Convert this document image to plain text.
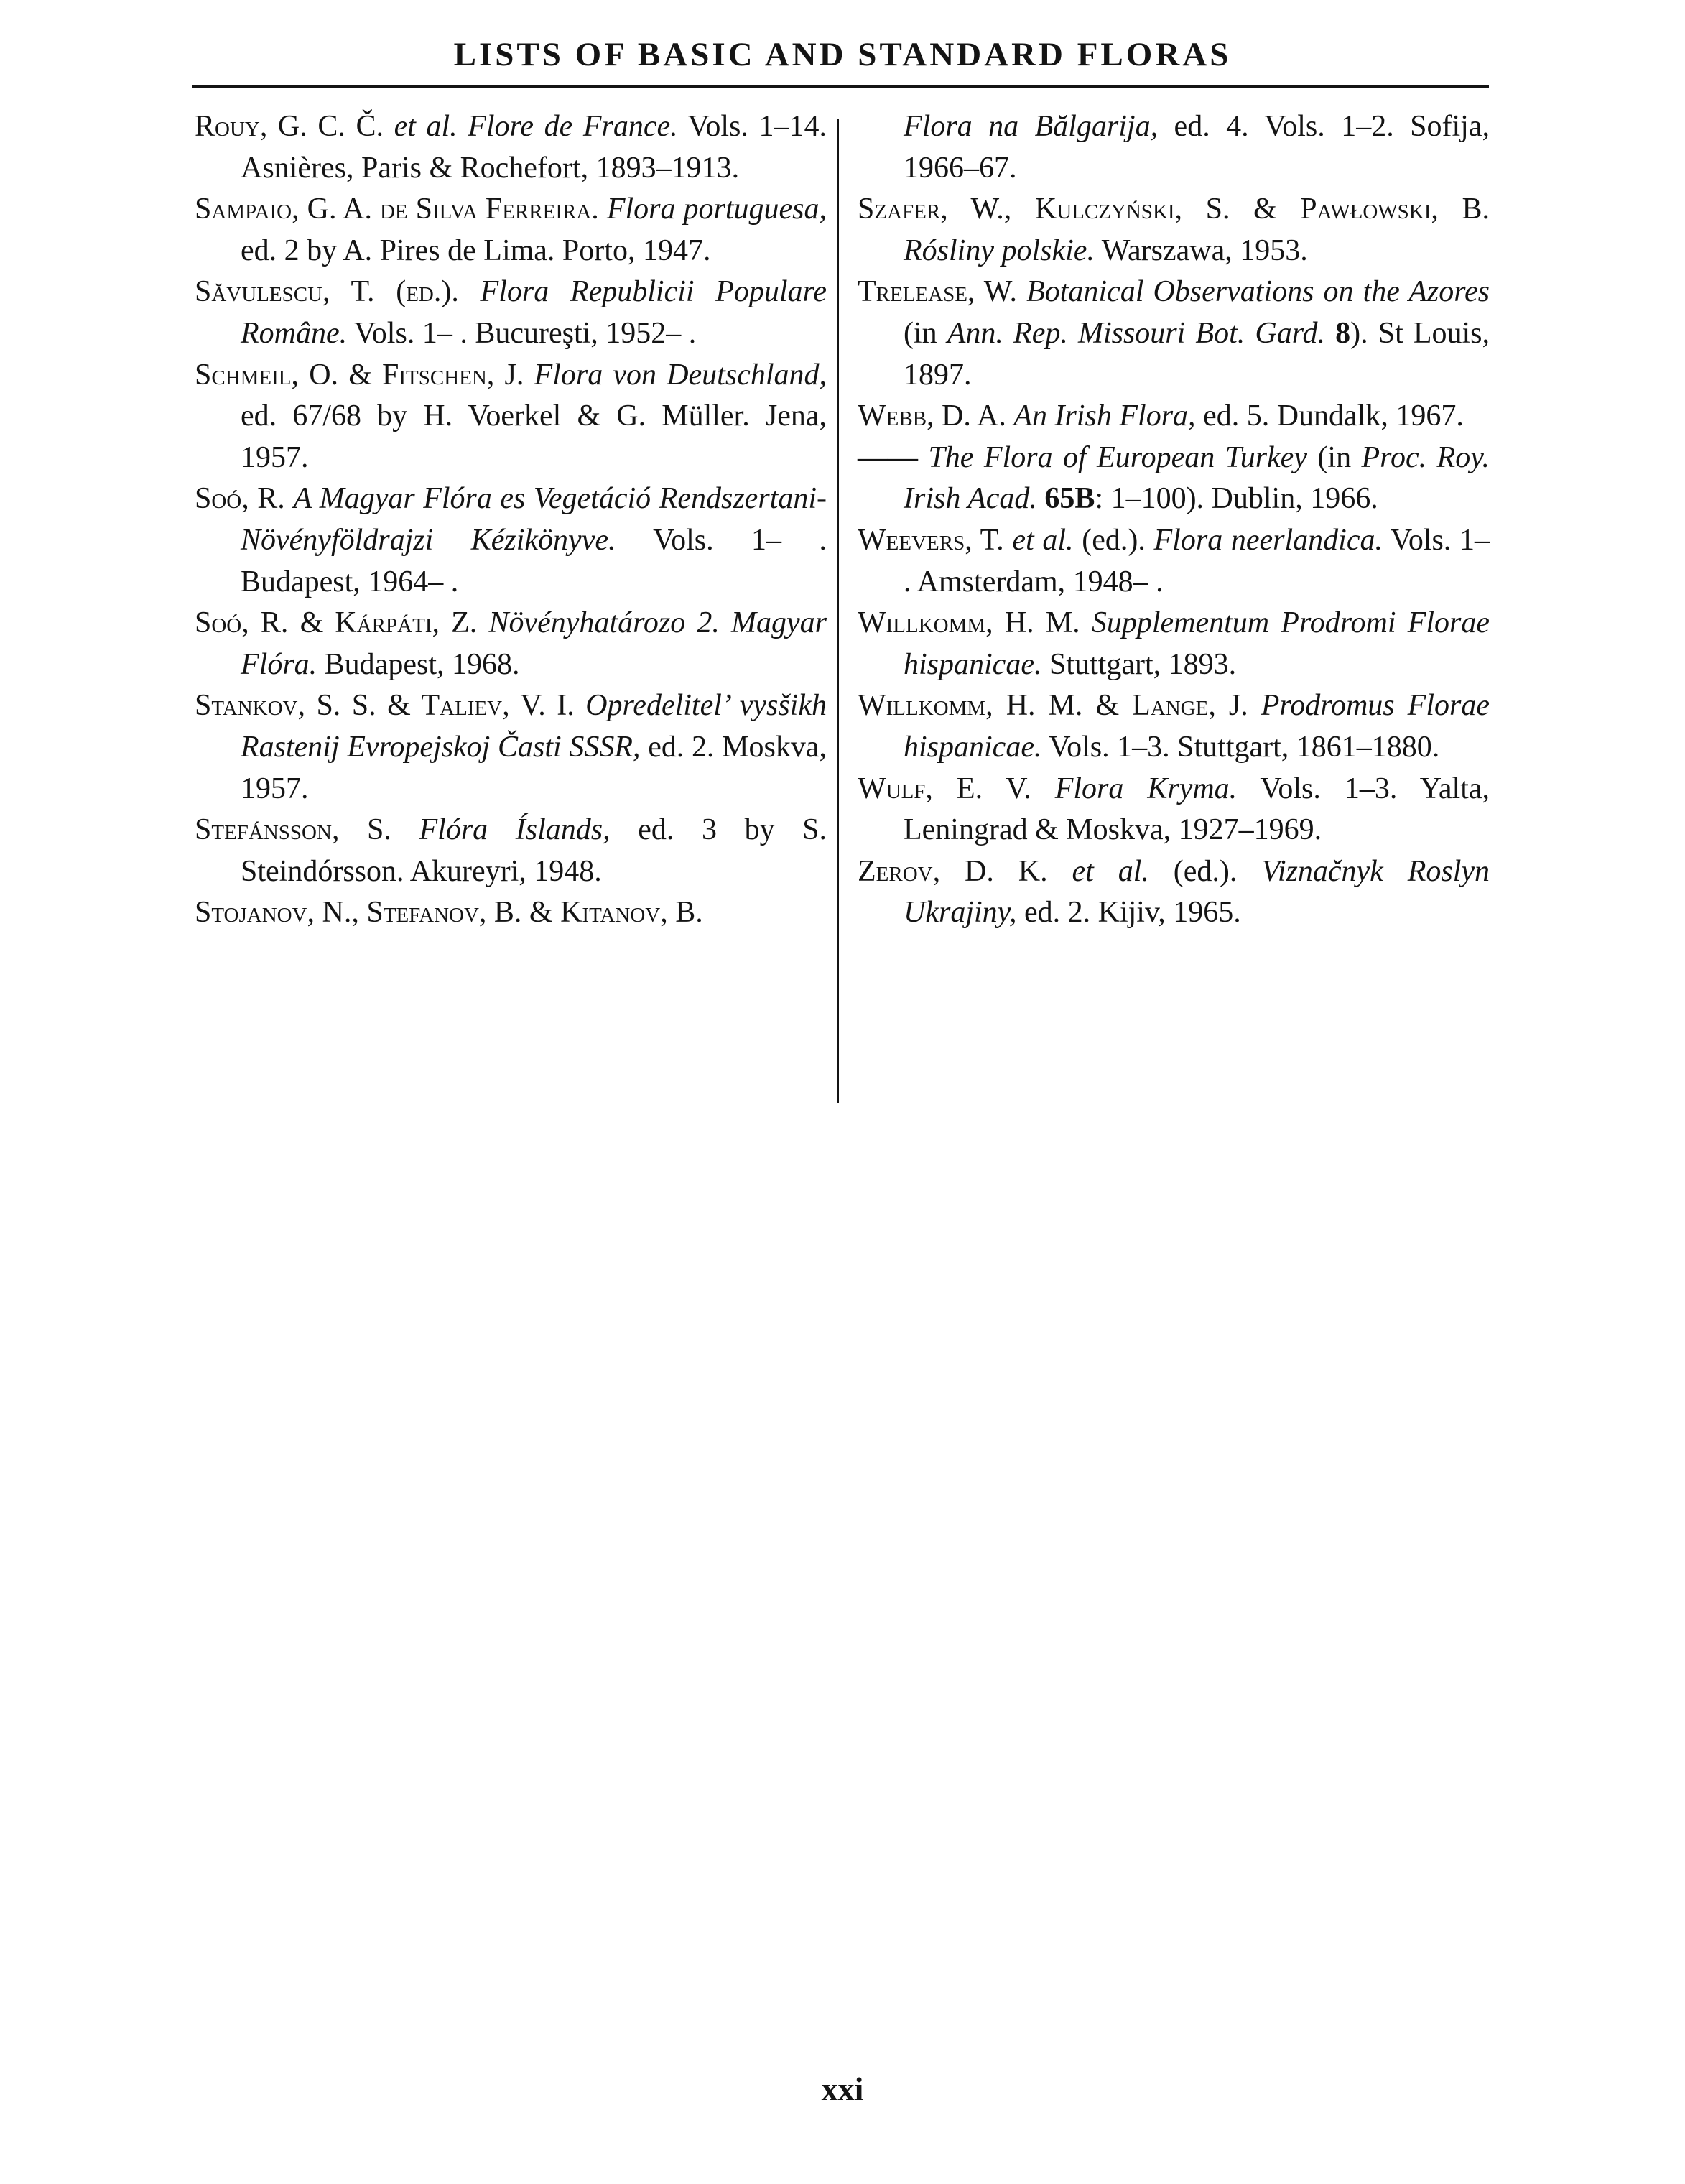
LISTS OF BASIC AND STANDARD FLORAS

Rouy, G. C. Č. et al. Flore de France. Vols. 1–14. Asnières, Paris & Rochefort, 1893–1913.

Sampaio, G. A. de Silva Ferreira. Flora portuguesa, ed. 2 by A. Pires de Lima. Porto, 1947.

Săvulescu, T. (ed.). Flora Republicii Populare Române. Vols. 1– . Bucureşti, 1952– .

Schmeil, O. & Fitschen, J. Flora von Deutschland, ed. 67/68 by H. Voerkel & G. Müller. Jena, 1957.

Soó, R. A Magyar Flóra es Vegetáció Rendszertani-Növényföldrajzi Kézikönyve. Vols. 1– . Budapest, 1964– .

Soó, R. & Kárpáti, Z. Növényhatározo 2. Magyar Flóra. Budapest, 1968.

Stankov, S. S. & Taliev, V. I. Opredelitel’ vysšikh Rastenij Evropejskoj Časti SSSR, ed. 2. Moskva, 1957.

Stefánsson, S. Flóra Íslands, ed. 3 by S. Steindórsson. Akureyri, 1948.

Stojanov, N., Stefanov, B. & Kitanov, B.

Flora na Bălgarija, ed. 4. Vols. 1–2. Sofija, 1966–67.

Szafer, W., Kulczyński, S. & Pawłowski, B. Rósliny polskie. Warszawa, 1953.

Trelease, W. Botanical Observations on the Azores (in Ann. Rep. Missouri Bot. Gard. 8). St Louis, 1897.

Webb, D. A. An Irish Flora, ed. 5. Dundalk, 1967.

—— The Flora of European Turkey (in Proc. Roy. Irish Acad. 65B: 1–100). Dublin, 1966.

Weevers, T. et al. (ed.). Flora neerlandica. Vols. 1– . Amsterdam, 1948– .

Willkomm, H. M. Supplementum Prodromi Florae hispanicae. Stuttgart, 1893.

Willkomm, H. M. & Lange, J. Prodromus Florae hispanicae. Vols. 1–3. Stuttgart, 1861–1880.

Wulf, E. V. Flora Kryma. Vols. 1–3. Yalta, Leningrad & Moskva, 1927–1969.

Zerov, D. K. et al. (ed.). Viznačnyk Roslyn Ukrajiny, ed. 2. Kijiv, 1965.

xxi
